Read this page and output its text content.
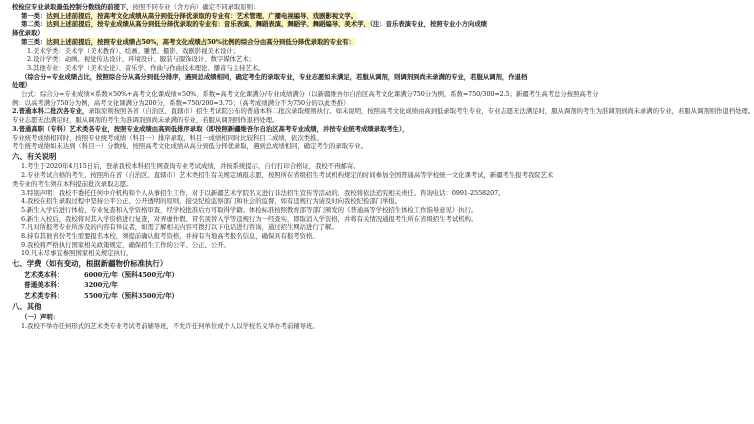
校检应专业录取最低控制分数线的前提下，按照不同专业（含方向）确定不同录取原则：
第一类：达到上述前提后，按高考文化成绩从高分到低分择优录取的专业有：艺术管理、广播电视编导、戏剧影视文学。
第二类：达到上述前提后，按专业成绩从高分到低分择优录取的专业有：音乐表演、舞蹈表演、舞蹈学、舞蹈编导、美术学、（注：音乐表演专业，按照专业小方向成绩
择优录取）
第三类：达到上述前提后，按照专业成绩占50%，高考文化成绩占50%比例的综合分由高分到低分择优录取的专业有：
1.美术学类：美术学（美术教育）、绘画、雕塑、摄影、戏剧影视美术设计；
2.设计学类：动画、视觉传达设计、环境设计、服装与服饰设计、数字媒体艺术；
3.其他专业：美术学（美术史论）、音乐学、作曲与作曲技术理论、播音与主持艺术。
（综合分=专业成绩占比，按照综合分从高分到低分排序，遇到总成绩相同，确定考生的录取专业，专业志愿如未满足，若服从调剂，则调剂到尚未录满的专业，若服从调剂，作退档
处理）
公式：综合分=专业成绩×系数×50%+高考文化课成绩×50%，系数=高考文化课满分/专业成绩满分（以新疆维吾尔自治区高考文化课满分750分为例，系数=750/300=2.5；新疆考生高考总分按照高考分
例：以高考满分750分为例，高考文化课满分为200分，系数=750/200=3.75；（高考成绩满分不为750分的以此类推）
2.普通本科二批次各专业，录取原则按照各省（自治区、直辖市）招生考试院公布的普通本科二批次录取规则执行。如未说明，按照高考文化成绩由高到低录取考生专业，专业志愿无法满足时，服从调剂的考生为准调剂到尚未录满的专业，若服从调剂则作退档处理。
专业志愿无法满足时，服从调剂的考生为准调剂到尚未录满的专业，若服从调剂则作退档处理。
3.普通高职（专科）艺术类各专业，按照专业成绩由高到低排序录取（即按照新疆维吾尔自治区高考专业成绩，并按专业统考成绩录取考生），
专业统考成绩相同时，按照专业统考成绩（科目一）排序录取，科目一成绩相同时比较科目二成绩，依次类推。
考生统考成绩如未达到（科目一）分数线，按照高考文化成绩从高分到低分择优录取，遇到总成绩相同，确定考生的录取专业。
六、有关说明
1.考生于2020年4月15日后，登录我校本科招生网查询专业考试成绩，并按系统提示，自行打印合格证，我校不再邮寄。
2.专业考试合格的考生，按照所在省（自治区、直辖市）艺术类招生有关规定填报志愿，按照所在省级招生考试机构规定的时间参加全国普通高等学校统一文化课考试，新疆考生报考我院艺术
类专业的考生须在本科提前批次录取志愿。
3.特别声明：我校不委托任何中介机构和个人从事招生工作，对于以新疆艺术学院名义进行非法招生宣传等活动的，我校将依法追究相关责任。咨询电话：0991-2558207。
4.我校在招生录取过程中坚持公平公正、公开透明的原则，接受纪检监察部门和社会的监督，如有违规行为请及时向我校纪检部门举报。
5.新生入学后进行体检、专业复查和入学资格审查，经学校批准后方可取得学籍。体检标准按照教育部等部门颁发的《普通高等学校招生体检工作指导意见》执行。
6.新生入校后，我校将对其入学资格进行复查，对弄虚作假、冒名顶替入学等违规行为一经查实，即取消入学资格，并将有关情况通报考生所在省级招生考试机构。
7.凡对所报考专业所涉及的内容有异议者，如需了解相关内容可拨打以下电话进行咨询，通过招生网站进行了解。
8.持有其他省份考生需要报名本校，须提前确认报考资格，并持有当地高考报名信息，确保具有报考资格。
9.我校将严格执行国家相关政策规定，确保招生工作的公平、公正、公开。
10.凡未尽事宜参照国家相关规定执行。
七、学费（如有变动，根据新疆物价标准执行）
艺术类本科：	6000元/年（预科4500元/年）
普通美本科：	3200元/年
艺术类专科：	5500元/年（预科3500元/年）
八、其他
（一）声明：
1.我校不举办任何形式的艺术类专业考试考前辅导班，不允许任何单位或个人以学校名义举办考前辅导班。
